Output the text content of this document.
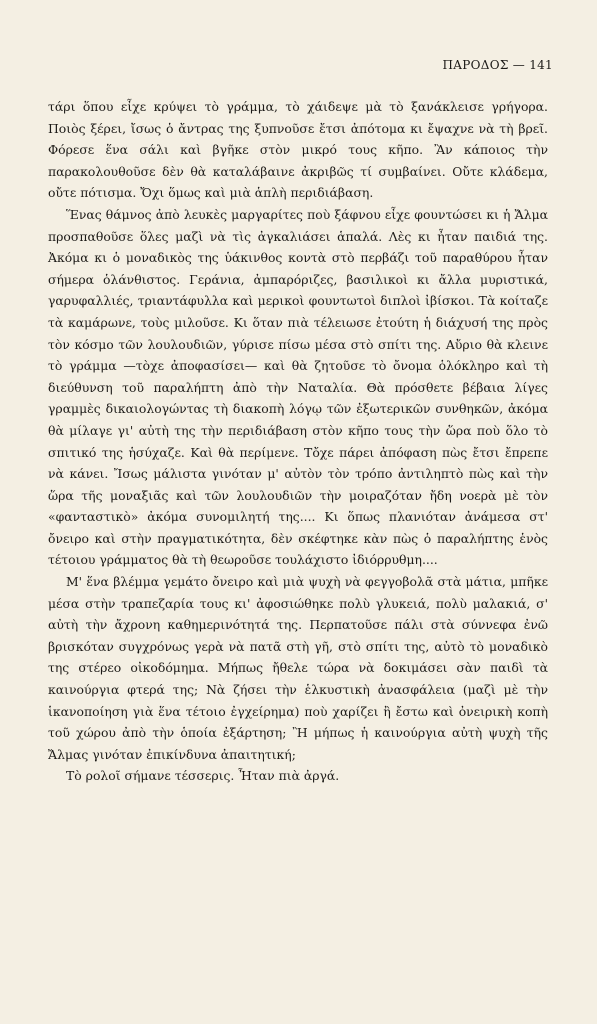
ΠΑΡΟΔΟΣ — 141

τάρι ὅπου εἶχε κρύψει τὸ γράμμα, τὸ χάιδεψε μὰ τὸ ξανάκλεισε γρήγορα. Ποιὸς ξέρει, ἴσως ὁ ἄντρας της ξυπνοῦσε ἔτσι ἀπότομα κι ἔψαχνε νὰ τὴ βρεῖ. Φόρεσε ἕνα σάλι καὶ βγῆκε στὸν μικρό τους κῆπο. Ἂν κάποιος τὴν παρακολουθοῦσε δὲν θὰ καταλάβαινε ἀκριβῶς τί συμβαίνει. Οὔτε κλάδεμα, οὔτε πότισμα. Ὄχι ὅμως καὶ μιὰ ἁπλὴ περιδιάβαση.

Ἕνας θάμνος ἀπὸ λευκὲς μαργαρίτες ποὺ ξάφνου εἶχε φουντώσει κι ἡ Ἄλμα προσπαθοῦσε ὅλες μαζὶ νὰ τὶς ἀγκαλιάσει ἁπαλά. Λὲς κι ἦταν παιδιά της. Ἀκόμα κι ὁ μοναδικὸς της ὑάκινθος κοντὰ στὸ περβάζι τοῦ παραθύρου ἦταν σήμερα ὁλάνθιστος. Γεράνια, ἀμπαρόριζες, βασιλικοὶ κι ἄλλα μυριστικά, γαρυφαλλιές, τριαντάφυλλα καὶ μερικοὶ φουντωτοὶ διπλοὶ ἰβίσκοι. Τὰ κοίταζε τὰ καμάρωνε, τοὺς μιλοῦσε. Κι ὅταν πιὰ τέλειωσε ἐτούτη ἡ διάχυσή της πρὸς τὸν κόσμο τῶν λουλουδιῶν, γύρισε πίσω μέσα στὸ σπίτι της. Αὔριο θὰ κλεινε τὸ γράμμα —τὸχε ἀποφασίσει— καὶ θὰ ζητοῦσε τὸ ὄνομα ὁλόκληρο καὶ τὴ διεύθυνση τοῦ παραλήπτη ἀπὸ τὴν Ναταλία. Θὰ πρόσθετε βέβαια λίγες γραμμὲς δικαιολογώντας τὴ διακοπὴ λόγῳ τῶν ἐξωτερικῶν συνθηκῶν, ἀκόμα θὰ μίλαγε γι' αὐτὴ της τὴν περιδιάβαση στὸν κῆπο τους τὴν ὥρα ποὺ ὅλο τὸ σπιτικό της ἡσύχαζε. Καὶ θὰ περίμενε. Τὄχε πάρει ἀπόφαση πὼς ἔτσι ἔπρεπε νὰ κάνει. Ἴσως μάλιστα γινόταν μ' αὐτὸν τὸν τρόπο ἀντιληπτὸ πὼς καὶ τὴν ὥρα τῆς μοναξιᾶς καὶ τῶν λουλουδιῶν τὴν μοιραζόταν ἤδη νοερὰ μὲ τὸν «φανταστικὸ» ἀκόμα συνομιλητή της.... Κι ὅπως πλανιόταν ἀνάμεσα στ' ὄνειρο καὶ στὴν πραγματικότητα, δὲν σκέφτηκε κὰν πὼς ὁ παραλήπτης ἑνὸς τέτοιου γράμματος θὰ τὴ θεωροῦσε τουλάχιστο ἰδιόρρυθμη....

Μ' ἕνα βλέμμα γεμάτο ὄνειρο καὶ μιὰ ψυχὴ νὰ φεγγοβολᾶ στὰ μάτια, μπῆκε μέσα στὴν τραπεζαρία τους κι' ἀφοσιώθηκε πολὺ γλυκειά, πολὺ μαλακιά, σ' αὐτὴ τὴν ἄχρονη καθημερινότητά της. Περπατοῦσε πάλι στὰ σύννεφα ἐνῶ βρισκόταν συγχρόνως γερὰ νὰ πατᾶ στὴ γῆ, στὸ σπίτι της, αὐτὸ τὸ μοναδικὸ της στέρεο οἰκοδόμημα. Μήπως ἤθελε τώρα νὰ δοκιμάσει σὰν παιδὶ τὰ καινούργια φτερά της; Νὰ ζήσει τὴν ἑλκυστικὴ ἀνασφάλεια (μαζὶ μὲ τὴν ἱκανοποίηση γιὰ ἕνα τέτοιο ἐγχείρημα) ποὺ χαρίζει ἢ ἔστω καὶ ὀνειρικὴ κοπὴ τοῦ χώρου ἀπὸ τὴν ὁποία ἐξάρτηση; Ἢ μήπως ἡ καινούργια αὐτὴ ψυχὴ τῆς Ἄλμας γινόταν ἐπικίνδυνα ἀπαιτητική;

Τὸ ρολοῖ σήμανε τέσσερις. Ἦταν πιὰ ἀργά.
